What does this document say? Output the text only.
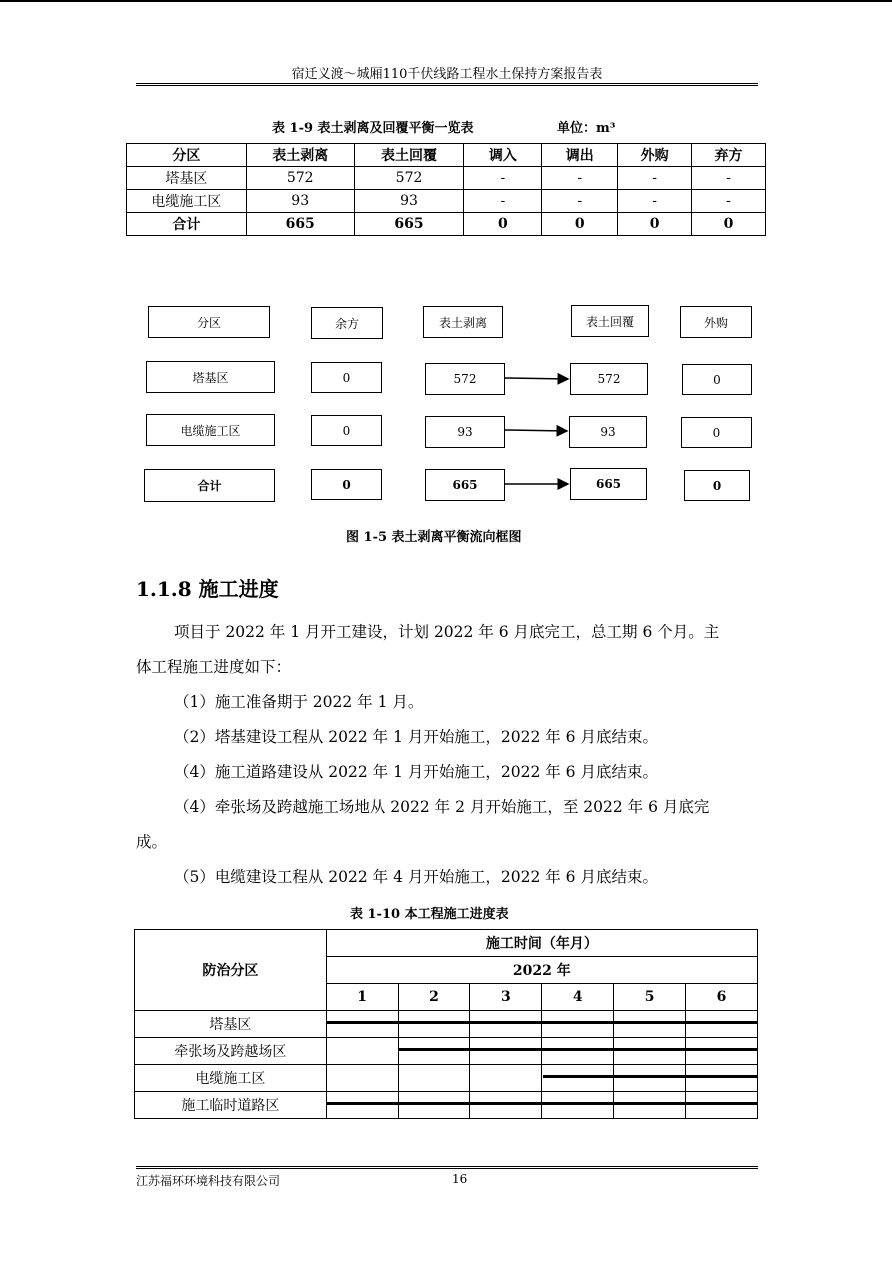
宿迁义渡～城厢110千伏线路工程水土保持方案报告表
表 1-9 表土剥离及回覆平衡一览表	单位：m³
分区	表土剥离	表土回覆	调入	调出	外购	弃方
塔基区	572	572	-	-	-	-
电缆施工区	93	93	-	-	-	-
合计	665	665	0	0	0	0
分区	余方	表土剥离	表土回覆	外购
塔基区	0	572	572	0
电缆施工区	0	93	93	0
合计	0	665	665	0
图 1-5 表土剥离平衡流向框图
1.1.8 施工进度
项目于 2022 年 1 月开工建设，计划 2022 年 6 月底完工，总工期 6 个月。主
体工程施工进度如下：
（1）施工准备期于 2022 年 1 月。
（2）塔基建设工程从 2022 年 1 月开始施工，2022 年 6 月底结束。
（4）施工道路建设从 2022 年 1 月开始施工，2022 年 6 月底结束。
（4）牵张场及跨越施工场地从 2022 年 2 月开始施工，至 2022 年 6 月底完
成。
（5）电缆建设工程从 2022 年 4 月开始施工，2022 年 6 月底结束。
表 1-10 本工程施工进度表
防治分区	施工时间（年月）					
	2022 年					
	1	2	3	4	5	6
塔基区						
牵张场及跨越场区						
电缆施工区						
施工临时道路区						
江苏福环环境科技有限公司	16
